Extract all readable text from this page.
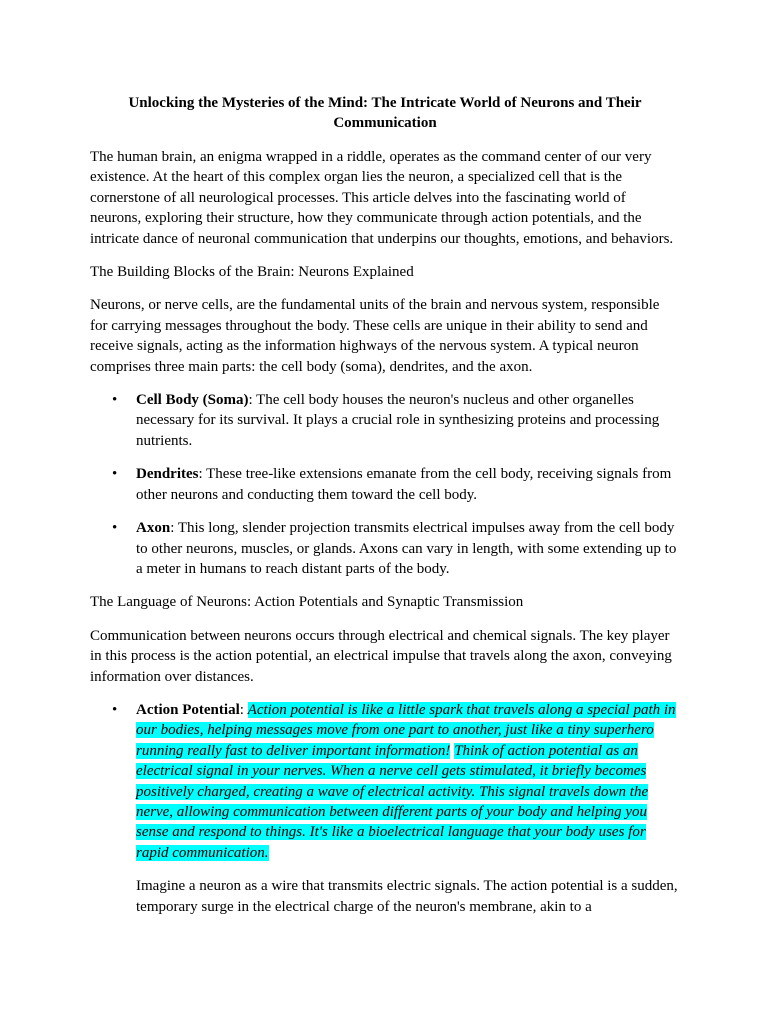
Unlocking the Mysteries of the Mind: The Intricate World of Neurons and Their Communication

The human brain, an enigma wrapped in a riddle, operates as the command center of our very existence. At the heart of this complex organ lies the neuron, a specialized cell that is the cornerstone of all neurological processes. This article delves into the fascinating world of neurons, exploring their structure, how they communicate through action potentials, and the intricate dance of neuronal communication that underpins our thoughts, emotions, and behaviors.

The Building Blocks of the Brain: Neurons Explained

Neurons, or nerve cells, are the fundamental units of the brain and nervous system, responsible for carrying messages throughout the body. These cells are unique in their ability to send and receive signals, acting as the information highways of the nervous system. A typical neuron comprises three main parts: the cell body (soma), dendrites, and the axon.

• Cell Body (Soma): The cell body houses the neuron's nucleus and other organelles necessary for its survival. It plays a crucial role in synthesizing proteins and processing nutrients.
• Dendrites: These tree-like extensions emanate from the cell body, receiving signals from other neurons and conducting them toward the cell body.
• Axon: This long, slender projection transmits electrical impulses away from the cell body to other neurons, muscles, or glands. Axons can vary in length, with some extending up to a meter in humans to reach distant parts of the body.

The Language of Neurons: Action Potentials and Synaptic Transmission

Communication between neurons occurs through electrical and chemical signals. The key player in this process is the action potential, an electrical impulse that travels along the axon, conveying information over distances.

• Action Potential: Action potential is like a little spark that travels along a special path in our bodies, helping messages move from one part to another, just like a tiny superhero running really fast to deliver important information! Think of action potential as an electrical signal in your nerves. When a nerve cell gets stimulated, it briefly becomes positively charged, creating a wave of electrical activity. This signal travels down the nerve, allowing communication between different parts of your body and helping you sense and respond to things. It's like a bioelectrical language that your body uses for rapid communication.

Imagine a neuron as a wire that transmits electric signals. The action potential is a sudden, temporary surge in the electrical charge of the neuron's membrane, akin to a
